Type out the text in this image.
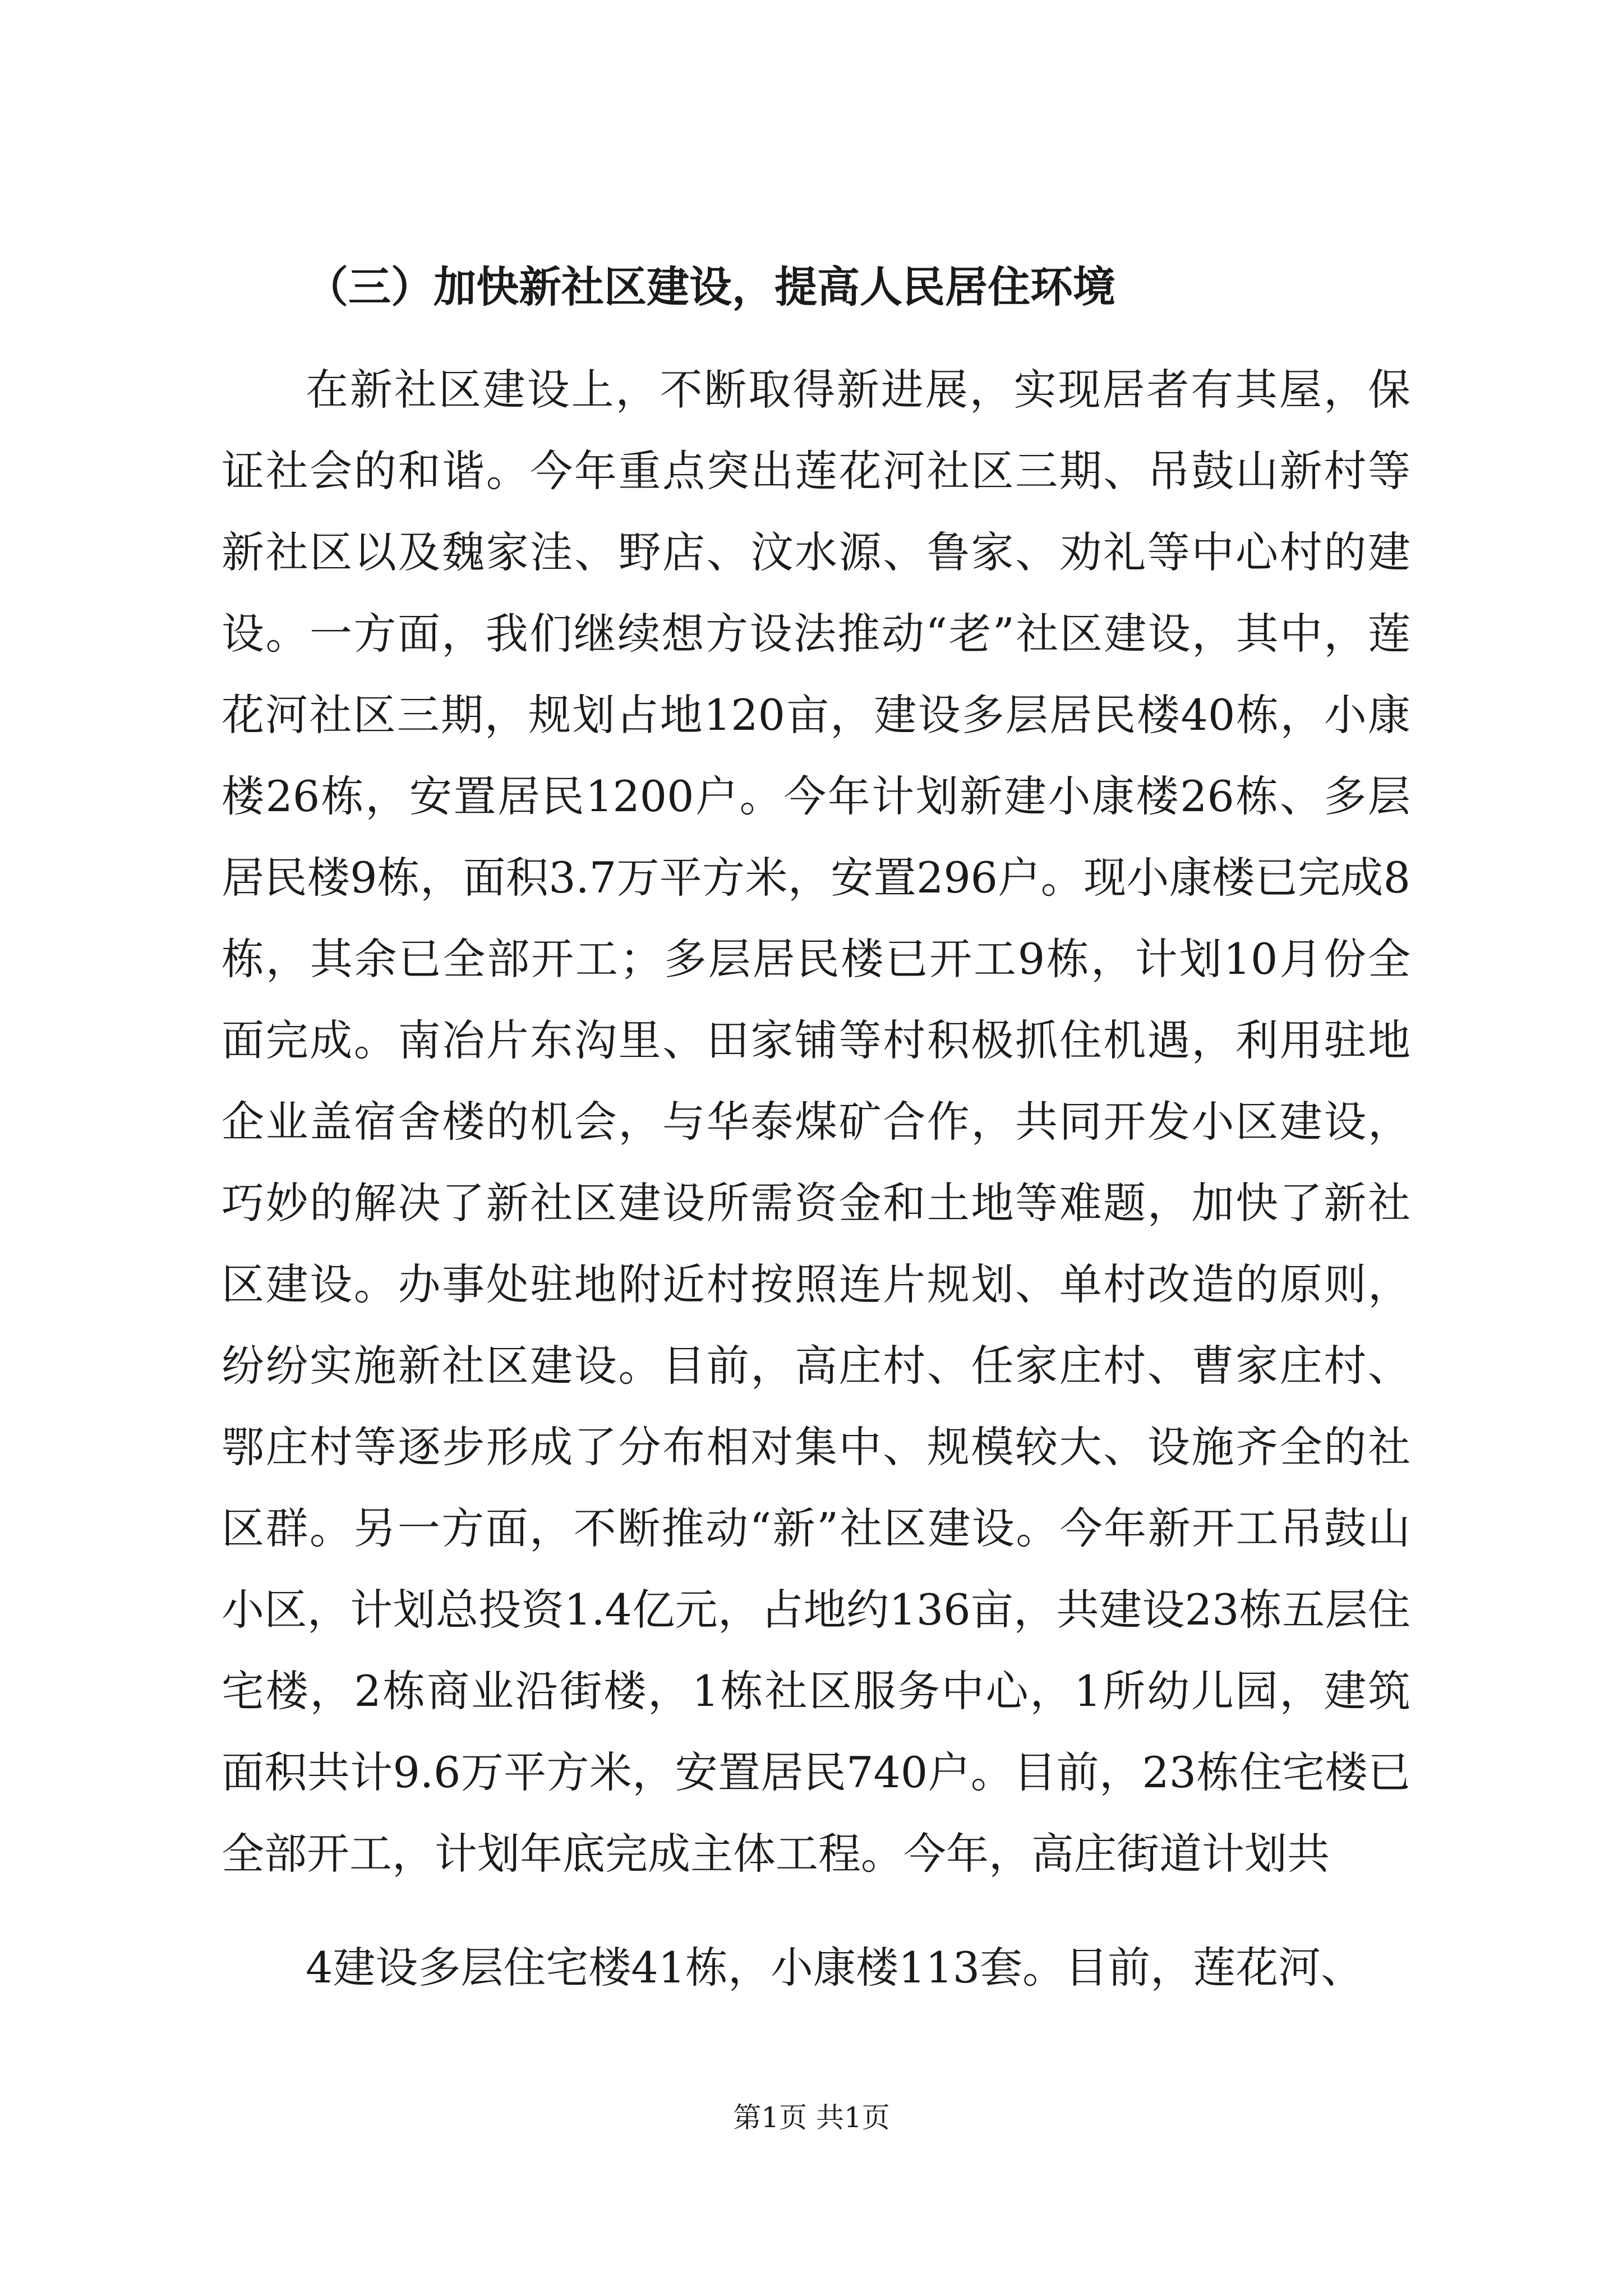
（三）加快新社区建设，提高人民居住环境

在新社区建设上，不断取得新进展，实现居者有其屋，保证社会的和谐。今年重点突出莲花河社区三期、吊鼓山新村等新社区以及魏家洼、野店、汶水源、鲁家、劝礼等中心村的建设。一方面，我们继续想方设法推动“老”社区建设，其中，莲花河社区三期，规划占地120亩，建设多层居民楼40栋，小康楼26栋，安置居民1200户。今年计划新建小康楼26栋、多层居民楼9栋，面积3.7万平方米，安置296户。现小康楼已完成8栋，其余已全部开工；多层居民楼已开工9栋，计划10月份全面完成。南冶片东沟里、田家铺等村积极抓住机遇，利用驻地企业盖宿舍楼的机会，与华泰煤矿合作，共同开发小区建设，巧妙的解决了新社区建设所需资金和土地等难题，加快了新社区建设。办事处驻地附近村按照连片规划、单村改造的原则，纷纷实施新社区建设。目前，高庄村、任家庄村、曹家庄村、鄂庄村等逐步形成了分布相对集中、规模较大、设施齐全的社区群。另一方面，不断推动“新”社区建设。今年新开工吊鼓山小区，计划总投资1.4亿元，占地约136亩，共建设23栋五层住宅楼，2栋商业沿街楼，1栋社区服务中心，1所幼儿园，建筑面积共计9.6万平方米，安置居民740户。目前，23栋住宅楼已全部开工，计划年底完成主体工程。今年，高庄街道计划共

4建设多层住宅楼41栋，小康楼113套。目前，莲花河、

第1页 共1页
